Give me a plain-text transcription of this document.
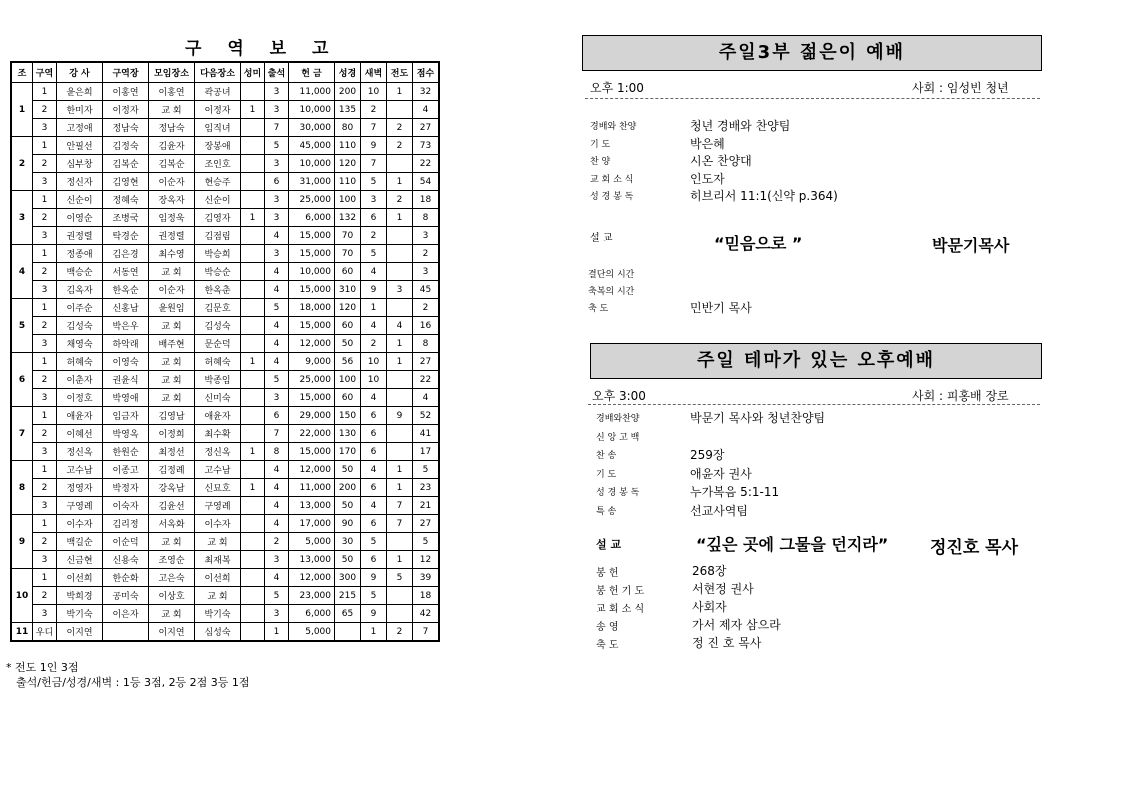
구 역 보 고
조	구역	강 사	구역장	모임장소	다음장소	성미	출석	헌 금	성경	새벽	전도	점수
1	1	윤은희	이홍연	이홍연	곽공녀		3	11,000	200	10	1	32
	2	한미자	이정자	교 회	이정자	1	3	10,000	135	2		4
	3	고정애	정남숙	정남숙	임직녀		7	30,000	80	7	2	27
2	1	안필선	김정숙	김윤자	장봉애		5	45,000	110	9	2	73
	2	심부창	김복순	김복순	조인호		3	10,000	120	7		22
	3	정신자	김영현	이순자	현승주		6	31,000	110	5	1	54
3	1	신순이	정혜숙	장옥자	신순이		3	25,000	100	3	2	18
	2	이영순	조병국	임정욱	김영자	1	3	6,000	132	6	1	8
	3	권정렬	탁경순	권정렬	김점림		4	15,000	70	2		3
4	1	정종애	김은경	최수영	박승희		3	15,000	70	5		2
	2	백승순	서동연	교 회	박승순		4	10,000	60	4		3
	3	김옥자	한옥순	이순자	한옥춘		4	15,000	310	9	3	45
5	1	이주순	신홍남	윤원임	김문호		5	18,000	120	1		2
	2	김성숙	박은우	교 회	김성숙		4	15,000	60	4	4	16
	3	채영숙	하악래	배주현	문순덕		4	12,000	50	2	1	8
6	1	허혜숙	이영숙	교 회	허혜숙	1	4	9,000	56	10	1	27
	2	이춘자	권윤식	교 회	박종임		5	25,000	100	10		22
	3	이정호	박영애	교 회	신미숙		3	15,000	60	4		4
7	1	애윤자	임금자	김영남	애윤자		6	29,000	150	6	9	52
	2	이혜선	박영옥	이정희	최수확		7	22,000	130	6		41
	3	정신옥	한원순	최정선	정신옥	1	8	15,000	170	6		17
8	1	고수남	이종고	김정례	고수남		4	12,000	50	4	1	5
	2	정영자	박정자	강옥남	신묘호	1	4	11,000	200	6	1	23
	3	구영례	이숙자	김윤선	구영례		4	13,000	50	4	7	21
9	1	이수자	김리정	서옥화	이수자		4	17,000	90	6	7	27
	2	백길순	이순덕	교 회	교 회		2	5,000	30	5		5
	3	신금현	신용숙	조영순	최재복		3	13,000	50	6	1	12
10	1	이선희	한순화	고은숙	이선희		4	12,000	300	9	5	39
	2	박희경	공미숙	이상호	교 회		5	23,000	215	5		18
	3	박기숙	이은자	교 회	박기숙		3	6,000	65	9		42
11	우디	이지연		이지연	심성숙		1	5,000		1	2	7
* 전도 1인 3점
출석/헌금/성경/새벽 : 1등 3점, 2등 2점 3등 1점
주일3부 젊은이 예배
오후 1:00	사회 : 임성빈 청년
경배와 찬양	청년 경배와 찬양팀
기 도	박은혜
찬 양	시온 찬양대
교 회 소 식	인도자
성 경 봉 독	히브리서 11:1(신약 p.364)
설 교	“믿음으로 ”	박문기목사
결단의 시간
축복의 시간
축 도	민반기 목사
주일 테마가 있는 오후예배
오후 3:00	사회 : 피홍배 장로
경배와찬양	박문기 목사와 청년찬양팀
신 앙 고 백
찬 송	259장
기 도	애윤자 권사
성 경 봉 독	누가복음 5:1-11
특 송	선교사역팀
설 교	“깊은 곳에 그물을 던지라” 정진호 목사
봉 헌	268장
봉 헌 기 도	서현정 권사
교 회 소 식	사회자
송 영	가서 제자 삼으라
축 도	정 진 호 목사
